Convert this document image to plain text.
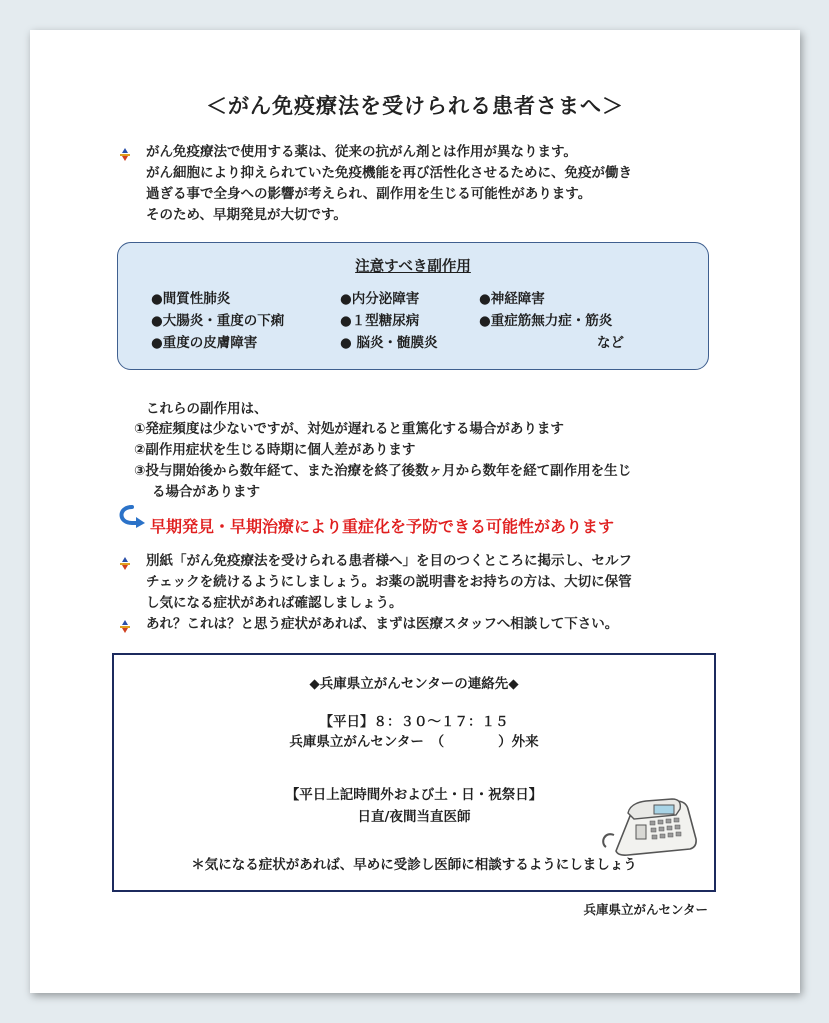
＜がん免疫療法を受けられる患者さまへ＞
がん免疫療法で使用する薬は、従来の抗がん剤とは作用が異なります。
がん細胞により抑えられていた免疫機能を再び活性化させるために、免疫が働き
過ぎる事で全身への影響が考えられ、副作用を生じる可能性があります。
そのため、早期発見が大切です。
注意すべき副作用
●間質性肺炎
●大腸炎・重度の下痢
●重度の皮膚障害
●内分泌障害
●１型糖尿病
● 脳炎・髄膜炎
●神経障害
●重症筋無力症・筋炎
など
これらの副作用は、
①発症頻度は少ないですが、対処が遅れると重篤化する場合があります
②副作用症状を生じる時期に個人差があります
③投与開始後から数年経て、また治療を終了後数ヶ月から数年を経て副作用を生じ
る場合があります
早期発見・早期治療により重症化を予防できる可能性があります
別紙「がん免疫療法を受けられる患者様へ」を目のつくところに掲示し、セルフ
チェックを続けるようにしましょう。お薬の説明書をお持ちの方は、大切に保管
し気になる症状があれば確認しましょう。
あれ？これは？と思う症状があれば、まずは医療スタッフへ相談して下さい。
◆兵庫県立がんセンターの連絡先◆
【平日】８：３０～１７：１５
兵庫県立がんセンター　（　　　　）外来
【平日上記時間外および土・日・祝祭日】
日直/夜間当直医師
＊気になる症状があれば、早めに受診し医師に相談するようにしましょう
兵庫県立がんセンター
